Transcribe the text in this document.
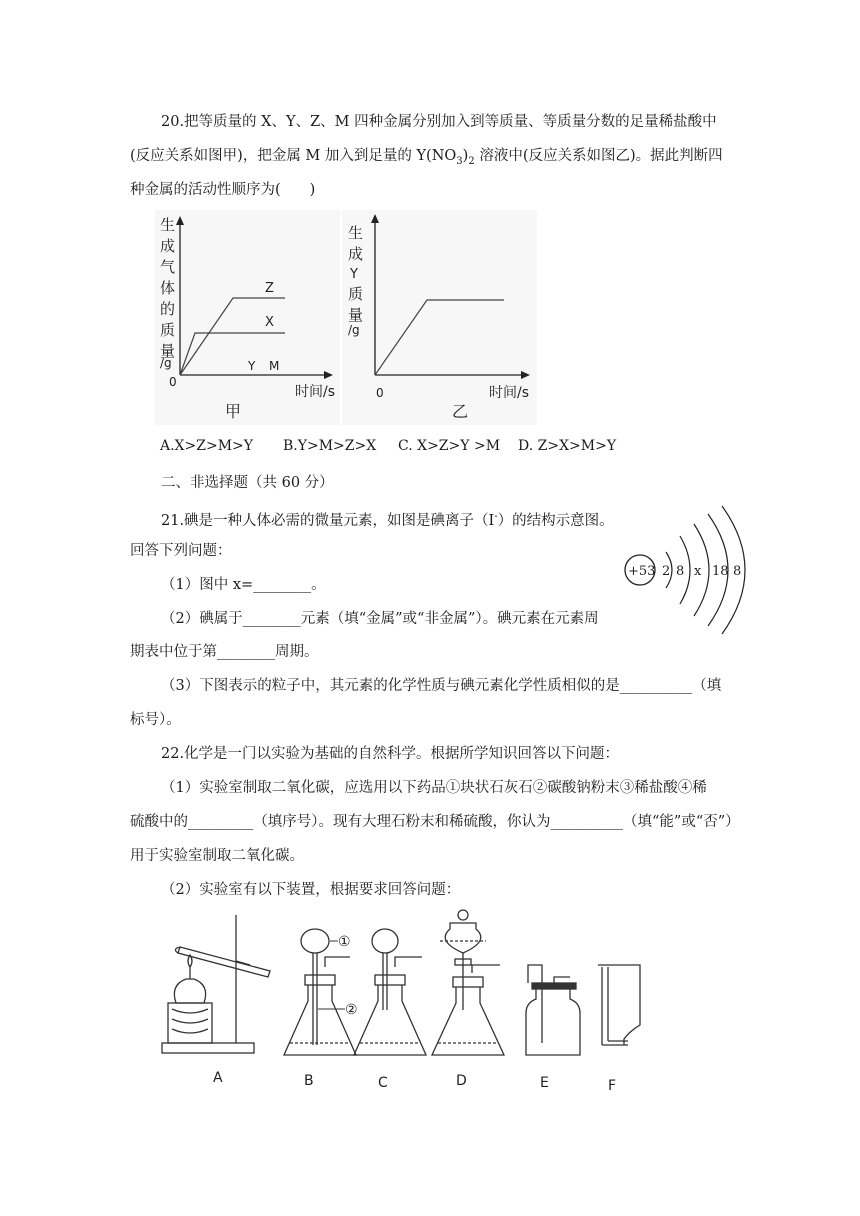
20.把等质量的 X、Y、Z、M 四种金属分别加入到等质量、等质量分数的足量稀盐酸中
(反应关系如图甲)，把金属 M 加入到足量的 $Y(NO_3)_2$ 溶液中(反应关系如图乙)。据此判断四
种金属的活动性顺序为(　　)
生
成
气
体
的
质
量
/g
0
Z
X
Y M
时间/s
甲
生
成
Y
质
量
/g
0	时间/s
乙
A.X>Z>M>Y B.Y>M>Z>X C. X>Z>Y >M D. Z>X>M>Y
二、非选择题（共 60 分）
21.碘是一种人体必需的微量元素，如图是碘离子（I-）的结构示意图。
回答下列问题：
（1）图中 x=________。
（2）碘属于________元素（填“金属”或“非金属”）。碘元素在元素周
期表中位于第________周期。
（3）下图表示的粒子中，其元素的化学性质与碘元素化学性质相似的是__________（填
标号）。
+53 2 8 x 18 8
22.化学是一门以实验为基础的自然科学。根据所学知识回答以下问题：
（1）实验室制取二氧化碳，应选用以下药品①块状石灰石②碳酸钠粉末③稀盐酸④稀
硫酸中的_________（填序号）。现有大理石粉末和稀硫酸，你认为__________（填“能”或“否”）
用于实验室制取二氧化碳。
（2）实验室有以下装置，根据要求回答问题：
①
②
A	B	C	D	E	F
